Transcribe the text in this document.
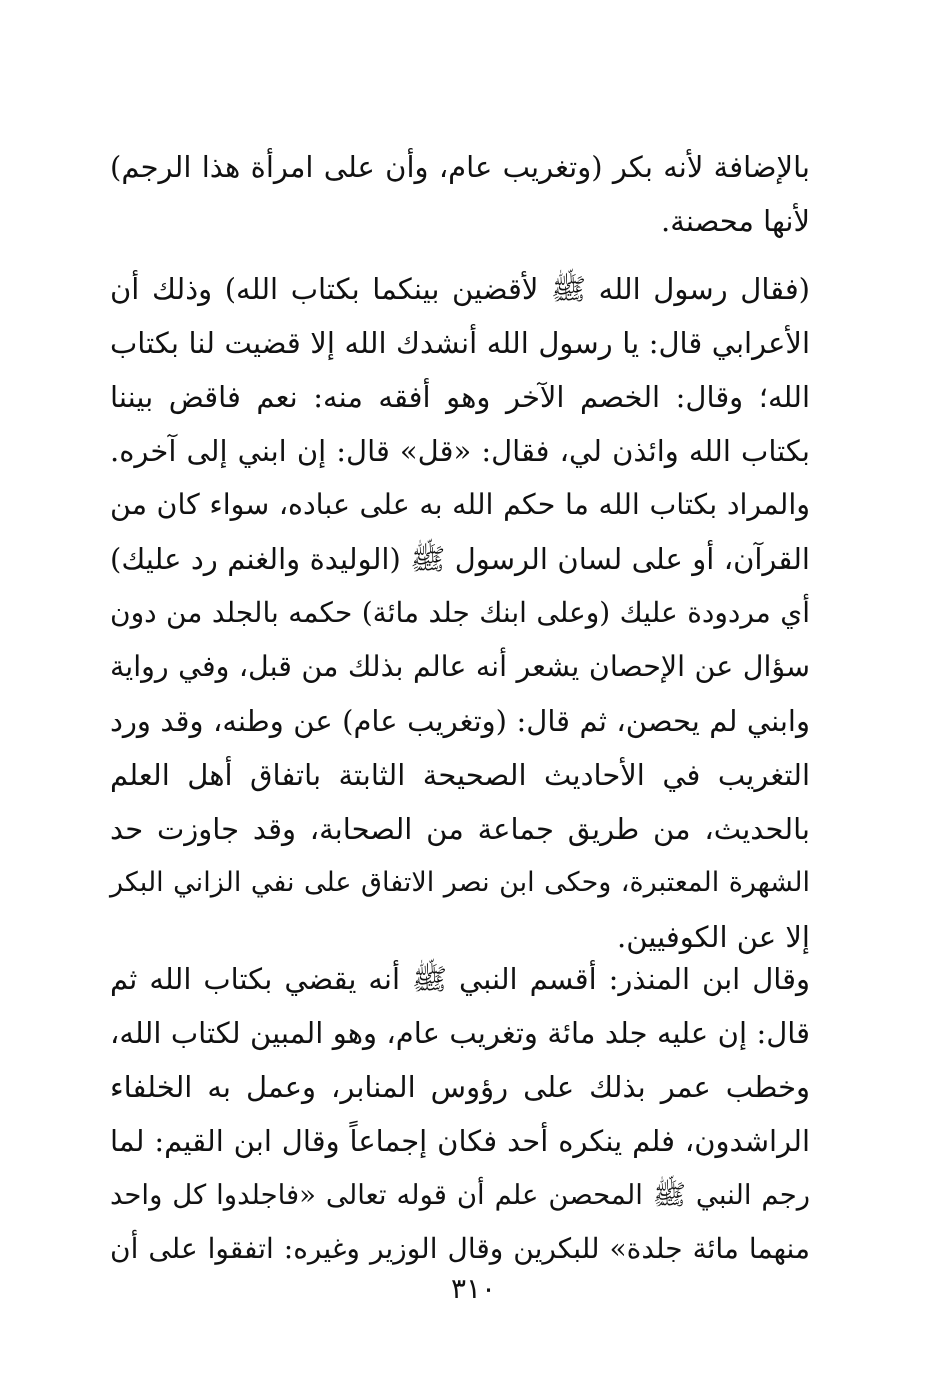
بالإضافة لأنه بكر (وتغريب عام، وأن على امرأة هذا الرجم)
لأنها محصنة.
(فقال رسول الله ﷺ لأقضين بينكما بكتاب الله) وذلك أن
الأعرابي قال: يا رسول الله أنشدك الله إلا قضيت لنا بكتاب
الله؛ وقال: الخصم الآخر وهو أفقه منه: نعم فاقض بيننا
بكتاب الله وائذن لي، فقال: «قل» قال: إن ابني إلى آخره.
والمراد بكتاب الله ما حكم الله به على عباده، سواء كان من
القرآن، أو على لسان الرسول ﷺ (الوليدة والغنم رد عليك)
أي مردودة عليك (وعلى ابنك جلد مائة) حكمه بالجلد من دون
سؤال عن الإحصان يشعر أنه عالم بذلك من قبل، وفي رواية
وابني لم يحصن، ثم قال: (وتغريب عام) عن وطنه، وقد ورد
التغريب في الأحاديث الصحيحة الثابتة باتفاق أهل العلم
بالحديث، من طريق جماعة من الصحابة، وقد جاوزت حد
الشهرة المعتبرة، وحكى ابن نصر الاتفاق على نفي الزاني البكر
إلا عن الكوفيين.
وقال ابن المنذر: أقسم النبي ﷺ أنه يقضي بكتاب الله ثم
قال: إن عليه جلد مائة وتغريب عام، وهو المبين لكتاب الله،
وخطب عمر بذلك على رؤوس المنابر، وعمل به الخلفاء
الراشدون، فلم ينكره أحد فكان إجماعاً وقال ابن القيم: لما
رجم النبي ﷺ المحصن علم أن قوله تعالى «فاجلدوا كل واحد
منهما مائة جلدة» للبكرين وقال الوزير وغيره: اتفقوا على أن
٣١٠
